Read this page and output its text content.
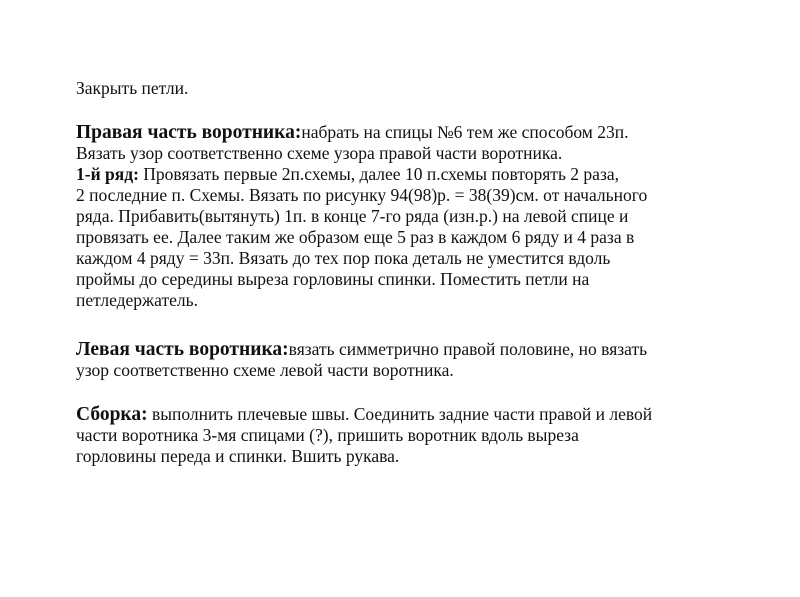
Закрыть петли.
Правая часть воротника:набрать на спицы №6 тем же способом 23п.
Вязать узор соответственно схеме узора правой части воротника.
1-й ряд: Провязать первые 2п.схемы, далее 10 п.схемы повторять 2 раза,
2 последние п. Схемы. Вязать по рисунку 94(98)р. = 38(39)см. от начального
ряда. Прибавить(вытянуть) 1п. в конце 7-го ряда (изн.р.) на левой спице и
провязать ее. Далее таким же образом еще 5 раз в каждом 6 ряду и 4 раза в
каждом 4 ряду = 33п. Вязать до тех пор пока деталь не уместится вдоль
проймы до середины выреза горловины спинки. Поместить петли на
петледержатель.
Левая часть воротника:вязать симметрично правой половине, но вязать
узор соответственно схеме левой части воротника.
Сборка: выполнить плечевые швы. Соединить задние части правой и левой
части воротника 3-мя спицами (?), пришить воротник вдоль выреза
горловины переда и спинки. Вшить рукава.
